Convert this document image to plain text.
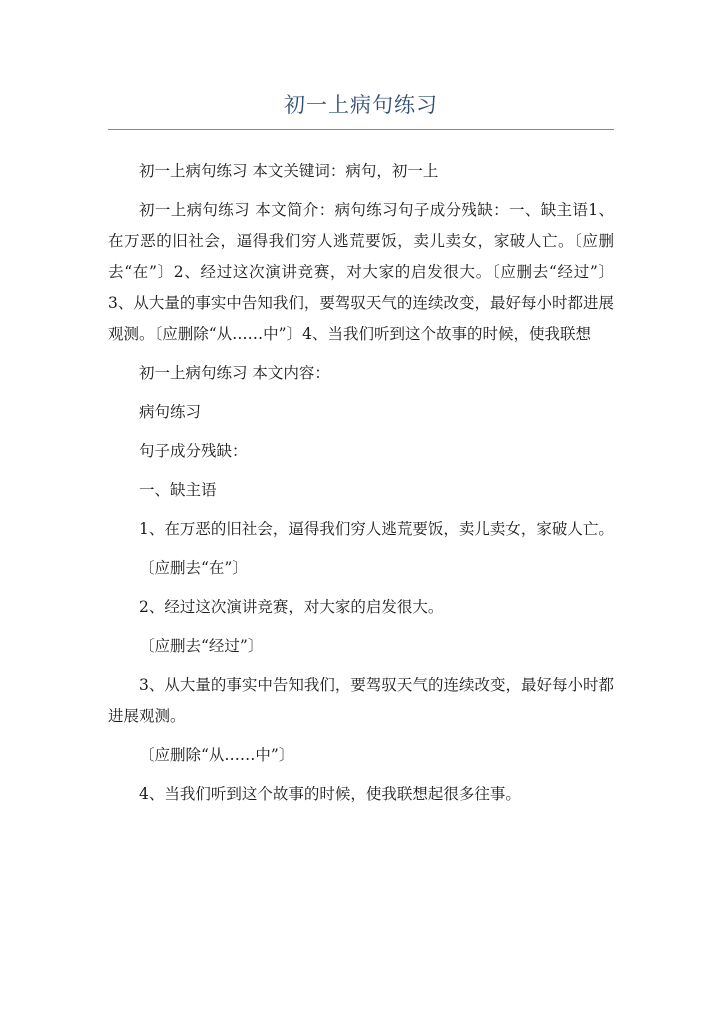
初一上病句练习

初一上病句练习 本文关键词：病句，初一上

初一上病句练习 本文简介：病句练习句子成分残缺：一、缺主语1、在万恶的旧社会，逼得我们穷人逃荒要饭，卖儿卖女，家破人亡。〔应删去“在”〕2、经过这次演讲竞赛，对大家的启发很大。〔应删去“经过”〕3、从大量的事实中告知我们，要驾驭天气的连续改变，最好每小时都进展观测。〔应删除“从……中”〕4、当我们听到这个故事的时候，使我联想

初一上病句练习 本文内容：

病句练习

句子成分残缺：

一、缺主语

1、在万恶的旧社会，逼得我们穷人逃荒要饭，卖儿卖女，家破人亡。

〔应删去“在”〕

2、经过这次演讲竞赛，对大家的启发很大。

〔应删去“经过”〕

3、从大量的事实中告知我们，要驾驭天气的连续改变，最好每小时都进展观测。

〔应删除“从……中”〕

4、当我们听到这个故事的时候，使我联想起很多往事。
